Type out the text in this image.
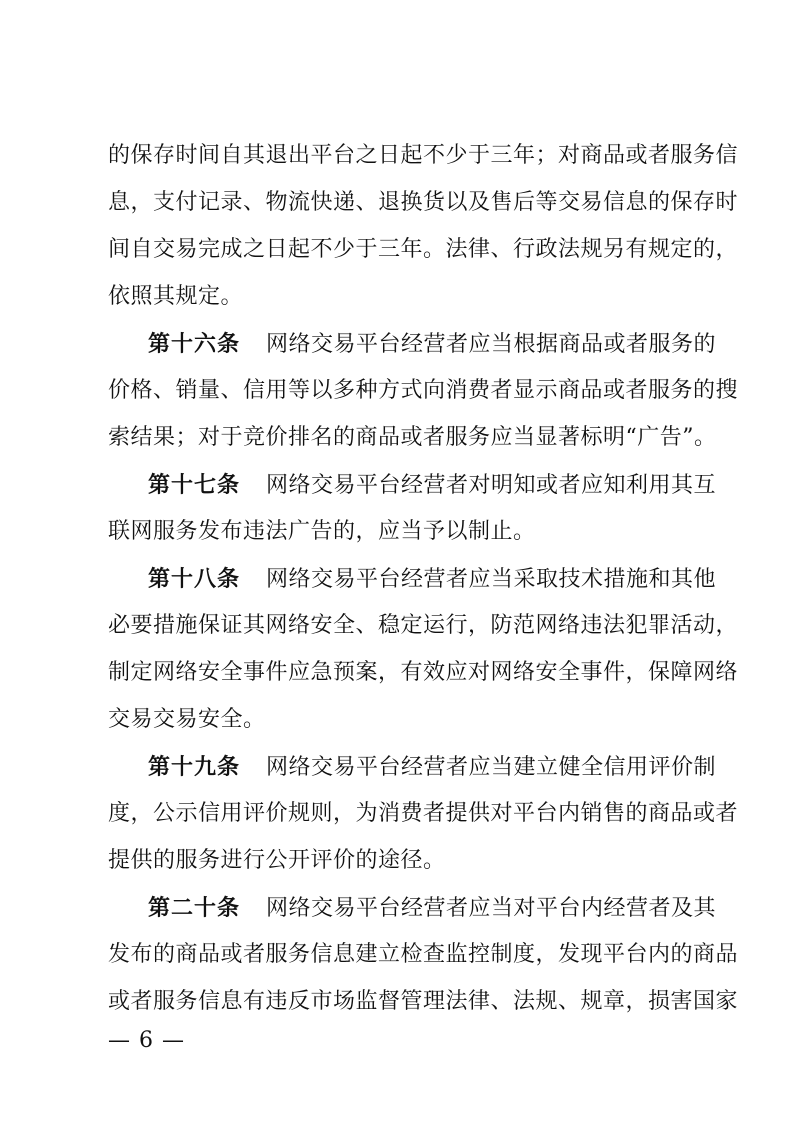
的保存时间自其退出平台之日起不少于三年；对商品或者服务信
息，支付记录、物流快递、退换货以及售后等交易信息的保存时
间自交易完成之日起不少于三年。法律、行政法规另有规定的，
依照其规定。
第十六条 网络交易平台经营者应当根据商品或者服务的
价格、销量、信用等以多种方式向消费者显示商品或者服务的搜
索结果；对于竞价排名的商品或者服务应当显著标明“广告”。
第十七条 网络交易平台经营者对明知或者应知利用其互
联网服务发布违法广告的，应当予以制止。
第十八条 网络交易平台经营者应当采取技术措施和其他
必要措施保证其网络安全、稳定运行，防范网络违法犯罪活动，
制定网络安全事件应急预案，有效应对网络安全事件，保障网络
交易交易安全。
第十九条 网络交易平台经营者应当建立健全信用评价制
度，公示信用评价规则，为消费者提供对平台内销售的商品或者
提供的服务进行公开评价的途径。
第二十条 网络交易平台经营者应当对平台内经营者及其
发布的商品或者服务信息建立检查监控制度，发现平台内的商品
或者服务信息有违反市场监督管理法律、法规、规章，损害国家
— 6 —
